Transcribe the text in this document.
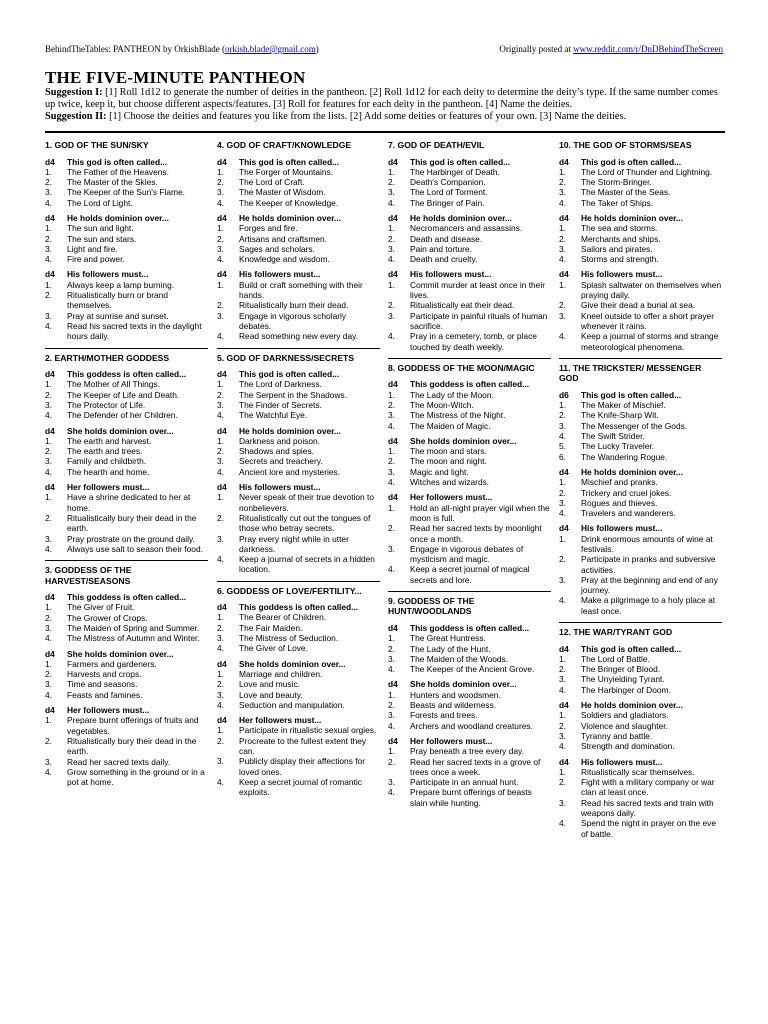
BehindTheTables: PANTHEON by OrkishBlade (orkish.blade@gmail.com)	Originally posted at www.reddit.com/r/DnDBehindTheScreen
THE FIVE-MINUTE PANTHEON

Suggestion I: [1] Roll 1d12 to generate the number of deities in the pantheon. [2] Roll 1d12 for each deity to determine the deity’s type. If the same number comes up twice, keep it, but choose different aspects/features. [3] Roll for features for each deity in the pantheon. [4] Name the deities.

Suggestion II: [1] Choose the deities and features you like from the lists. [2] Add some deities or features of your own. [3] Name the deities.

1. GOD OF THE SUN/SKY
d4	This god is often called...
1.	The Father of the Heavens.
2.	The Master of the Skies.
3.	The Keeper of the Sun's Flame.
4.	The Lord of Light.
d4	He holds dominion over...
1.	The sun and light.
2.	The sun and stars.
3.	Light and fire.
4.	Fire and power.
d4	His followers must...
1.	Always keep a lamp burning.
2.	Ritualistically burn or brand themselves.
3.	Pray at sunrise and sunset.
4.	Read his sacred texts in the daylight hours daily.
2. EARTH/MOTHER GODDESS
d4	This goddess is often called...
1.	The Mother of All Things.
2.	The Keeper of Life and Death.
3.	The Protector of Life.
4.	The Defender of her Children.
d4	She holds dominion over...
1.	The earth and harvest.
2.	The earth and trees.
3.	Family and childbirth.
4.	The hearth and home.
d4	Her followers must...
1.	Have a shrine dedicated to her at home.
2.	Ritualistically bury their dead in the earth.
3.	Pray prostrate on the ground daily.
4.	Always use salt to season their food.
3. GODDESS OF THE HARVEST/SEASONS
d4	This goddess is often called...
1.	The Giver of Fruit.
2.	The Grower of Crops.
3.	The Maiden of Spring and Summer.
4.	The Mistress of Autumn and Winter.
d4	She holds dominion over...
1.	Farmers and gardeners.
2.	Harvests and crops.
3.	Time and seasons.
4.	Feasts and famines.
d4	Her followers must...
1.	Prepare burnt offerings of fruits and vegetables.
2.	Ritualistically bury their dead in the earth.
3.	Read her sacred texts daily.
4.	Grow something in the ground or in a pot at home.
4. GOD OF CRAFT/KNOWLEDGE
d4	This god is often called...
1.	The Forger of Mountains.
2.	The Lord of Craft.
3.	The Master of Wisdom.
4.	The Keeper of Knowledge.
d4	He holds dominion over...
1.	Forges and fire.
2.	Artisans and craftsmen.
3.	Sages and scholars.
4.	Knowledge and wisdom.
d4	His followers must...
1.	Build or craft something with their hands.
2.	Ritualistically burn their dead.
3.	Engage in vigorous scholarly debates.
4.	Read something new every day.
5. GOD OF DARKNESS/SECRETS
d4	This god is often called...
1.	The Lord of Darkness.
2.	The Serpent in the Shadows.
3.	The Finder of Secrets.
4.	The Watchful Eye.
d4	He holds dominion over...
1.	Darkness and poison.
2.	Shadows and spies.
3.	Secrets and treachery.
4.	Ancient lore and mysteries.
d4	His followers must...
1.	Never speak of their true devotion to nonbelievers.
2.	Ritualistically cut out the tongues of those who betray secrets.
3.	Pray every night while in utter darkness.
4.	Keep a journal of secrets in a hidden location.
6. GODDESS OF LOVE/FERTILITY...
d4	This goddess is often called...
1.	The Bearer of Children.
2.	The Fair Maiden.
3.	The Mistress of Seduction.
4.	The Giver of Love.
d4	She holds dominion over...
1.	Marriage and children.
2.	Love and music.
3.	Love and beauty.
4.	Seduction and manipulation.
d4	Her followers must...
1.	Participate in ritualistic sexual orgies.
2.	Procreate to the fullest extent they can.
3.	Publicly display their affections for loved ones.
4.	Keep a secret journal of romantic exploits.
7. GOD OF DEATH/EVIL
d4	This god is often called...
1.	The Harbinger of Death.
2.	Death's Companion.
3.	The Lord of Torment.
4.	The Bringer of Pain.
d4	He holds dominion over...
1.	Necromancers and assassins.
2.	Death and disease.
3.	Pain and torture.
4.	Death and cruelty.
d4	His followers must...
1.	Commit murder at least once in their lives.
2.	Ritualistically eat their dead.
3.	Participate in painful rituals of human sacrifice.
4.	Pray in a cemetery, tomb, or place touched by death weekly.
8. GODDESS OF THE MOON/MAGIC
d4	This goddess is often called...
1.	The Lady of the Moon.
2.	The Moon-Witch.
3.	The Mistress of the Night.
4.	The Maiden of Magic.
d4	She holds dominion over...
1.	The moon and stars.
2.	The moon and night.
3.	Magic and light.
4.	Witches and wizards.
d4	Her followers must...
1.	Hold an all-night prayer vigil when the moon is full.
2.	Read her sacred texts by moonlight once a month.
3.	Engage in vigorous debates of mysticism and magic.
4.	Keep a secret journal of magical secrets and lore.
9. GODDESS OF THE HUNT/WOODLANDS
d4	This goddess is often called...
1.	The Great Huntress.
2.	The Lady of the Hunt.
3.	The Maiden of the Woods.
4.	The Keeper of the Ancient Grove.
d4	She holds dominion over...
1.	Hunters and woodsmen.
2.	Beasts and wilderness.
3.	Forests and trees.
4.	Archers and woodland creatures.
d4	Her followers must...
1.	Pray beneath a tree every day.
2.	Read her sacred texts in a grove of trees once a week.
3.	Participate in an annual hunt.
4.	Prepare burnt offerings of beasts slain while hunting.
10. THE GOD OF STORMS/SEAS
d4	This god is often called...
1.	The Lord of Thunder and Lightning.
2.	The Storm-Bringer.
3.	The Master of the Seas.
4.	The Taker of Ships.
d4	He holds dominion over...
1.	The sea and storms.
2.	Merchants and ships.
3.	Sailors and pirates.
4.	Storms and strength.
d4	His followers must...
1.	Splash saltwater on themselves when praying daily.
2.	Give their dead a burial at sea.
3.	Kneel outside to offer a short prayer whenever it rains.
4.	Keep a journal of storms and strange meteorological phenomena.
11. THE TRICKSTER/ MESSENGER GOD
d6	This god is often called...
1.	The Maker of Mischief.
2.	The Knife-Sharp Wit.
3.	The Messenger of the Gods.
4.	The Swift Strider.
5.	The Lucky Traveler.
6.	The Wandering Rogue.
d4	He holds dominion over...
1.	Mischief and pranks.
2.	Trickery and cruel jokes.
3.	Rogues and thieves.
4.	Travelers and wanderers.
d4	His followers must...
1.	Drink enormous amounts of wine at festivals.
2.	Participate in pranks and subversive activities.
3.	Pray at the beginning and end of any journey.
4.	Make a pilgrimage to a holy place at least once.
12. THE WAR/TYRANT GOD
d4	This god is often called...
1.	The Lord of Battle.
2.	The Bringer of Blood.
3.	The Unyielding Tyrant.
4.	The Harbinger of Doom.
d4	He holds dominion over...
1.	Soldiers and gladiators.
2.	Violence and slaughter.
3.	Tyranny and battle.
4.	Strength and domination.
d4	His followers must...
1.	Ritualistically scar themselves.
2.	Fight with a military company or war clan at least once.
3.	Read his sacred texts and train with weapons daily.
4.	Spend the night in prayer on the eve of battle.
